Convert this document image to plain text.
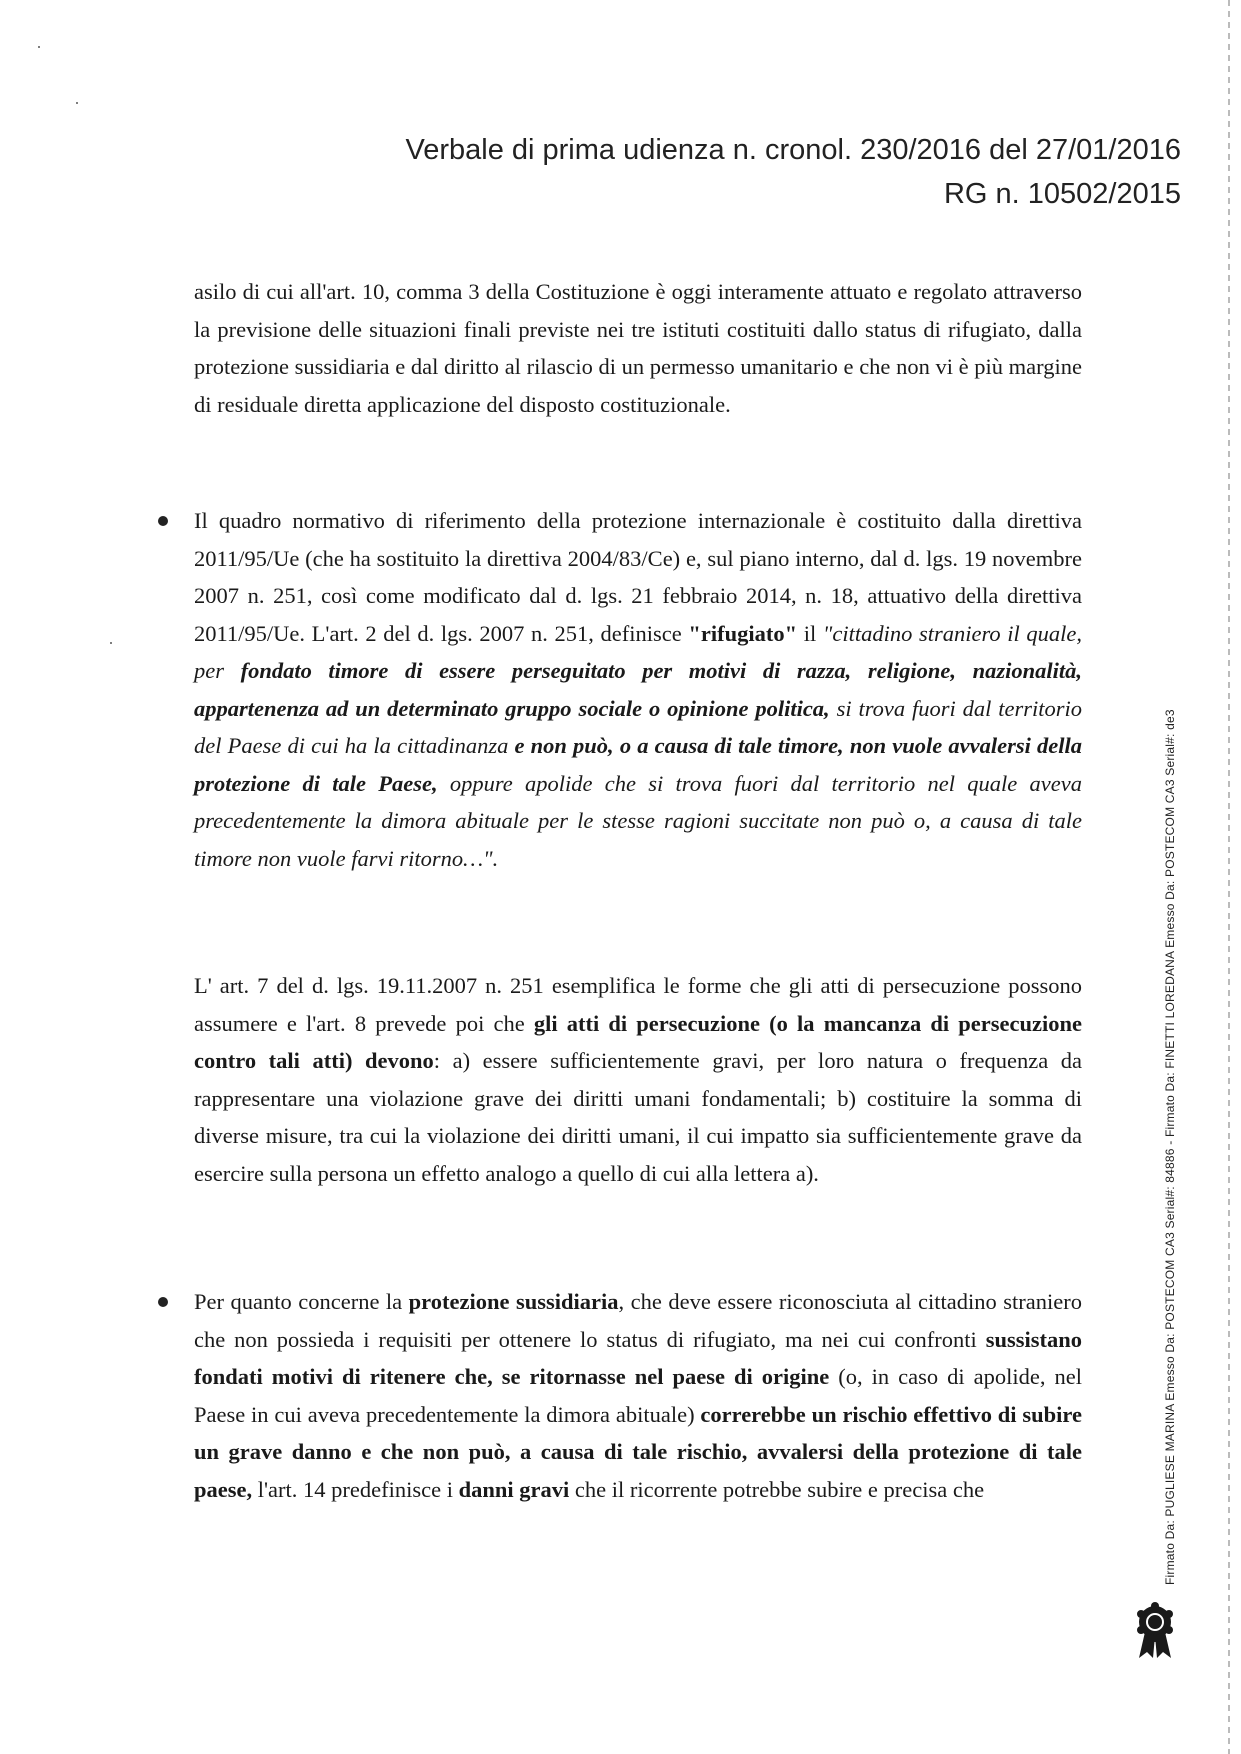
Verbale di prima udienza n. cronol. 230/2016 del 27/01/2016
RG n. 10502/2015

asilo di cui all'art. 10, comma 3 della Costituzione è oggi interamente attuato e regolato attraverso la previsione delle situazioni finali previste nei tre istituti costituiti dallo status di rifugiato, dalla protezione sussidiaria e dal diritto al rilascio di un permesso umanitario e che non vi è più margine di residuale diretta applicazione del disposto costituzionale.

Il quadro normativo di riferimento della protezione internazionale è costituito dalla direttiva 2011/95/Ue (che ha sostituito la direttiva 2004/83/Ce) e, sul piano interno, dal d. lgs. 19 novembre 2007 n. 251, così come modificato dal d. lgs. 21 febbraio 2014, n. 18, attuativo della direttiva 2011/95/Ue. L'art. 2 del d. lgs. 2007 n. 251, definisce "rifugiato" il "cittadino straniero il quale, per fondato timore di essere perseguitato per motivi di razza, religione, nazionalità, appartenenza ad un determinato gruppo sociale o opinione politica, si trova fuori dal territorio del Paese di cui ha la cittadinanza e non può, o a causa di tale timore, non vuole avvalersi della protezione di tale Paese, oppure apolide che si trova fuori dal territorio nel quale aveva precedentemente la dimora abituale per le stesse ragioni succitate non può o, a causa di tale timore non vuole farvi ritorno…".

L' art. 7 del d. lgs. 19.11.2007 n. 251 esemplifica le forme che gli atti di persecuzione possono assumere e l'art. 8 prevede poi che gli atti di persecuzione (o la mancanza di persecuzione contro tali atti) devono: a) essere sufficientemente gravi, per loro natura o frequenza da rappresentare una violazione grave dei diritti umani fondamentali; b) costituire la somma di diverse misure, tra cui la violazione dei diritti umani, il cui impatto sia sufficientemente grave da esercire sulla persona un effetto analogo a quello di cui alla lettera a).

Per quanto concerne la protezione sussidiaria, che deve essere riconosciuta al cittadino straniero che non possieda i requisiti per ottenere lo status di rifugiato, ma nei cui confronti sussistano fondati motivi di ritenere che, se ritornasse nel paese di origine (o, in caso di apolide, nel Paese in cui aveva precedentemente la dimora abituale) correrebbe un rischio effettivo di subire un grave danno e che non può, a causa di tale rischio, avvalersi della protezione di tale paese, l'art. 14 predefinisce i danni gravi che il ricorrente potrebbe subire e precisa che	Firmato Da: PUGLIESE MARINA Emesso Da: POSTECOM CA3 Serial#: 84886 - Firmato Da: FINETTI LOREDANA Emesso Da: POSTECOM CA3 Serial#: de3
